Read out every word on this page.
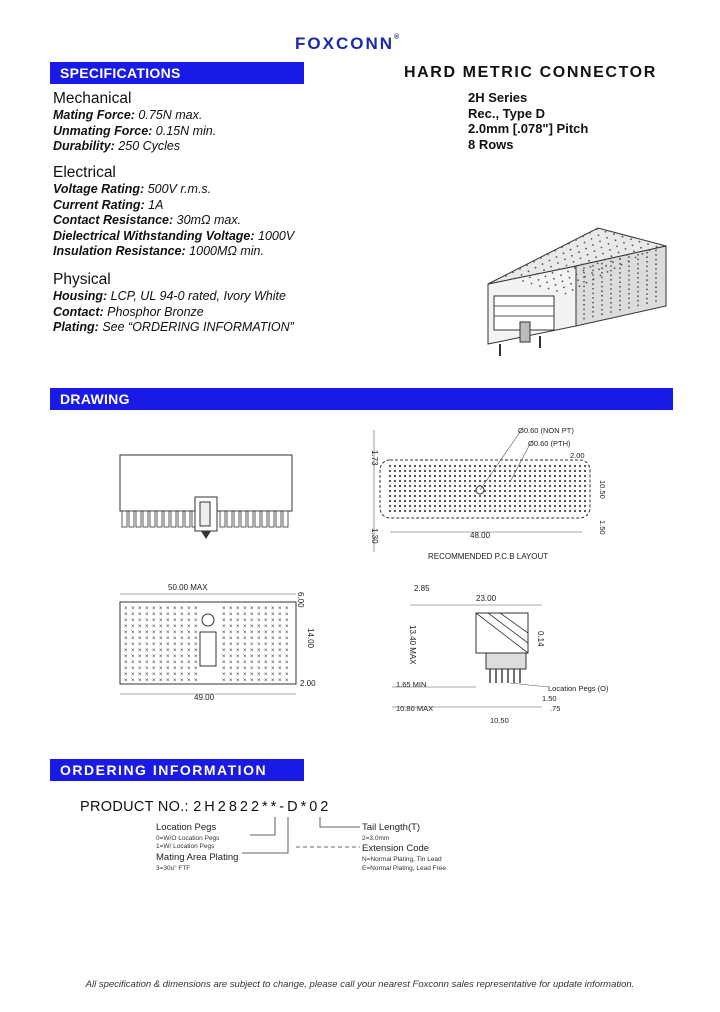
FOXCONN®
SPECIFICATIONS	HARD METRIC CONNECTOR
2H Series
Rec., Type D
2.0mm [.078"] Pitch
8 Rows
Mechanical
Mating Force: 0.75N max.
Unmating Force: 0.15N min.
Durability: 250 Cycles
Electrical
Voltage Rating: 500V r.m.s.
Current Rating: 1A
Contact Resistance: 30mΩ max.
Dielectrical Withstanding Voltage: 1000V
Insulation Resistance: 1000MΩ min.
Physical
Housing: LCP, UL 94-0 rated, Ivory White
Contact: Phosphor Bronze
Plating: See “ORDERING INFORMATION”
DRAWING
1.73
1.30
Ø0.60 (NON PT)
Ø0.60 (PTH)
2.00
10.50
1.50
48.00
RECOMMENDED P.C.B LAYOUT
50.00 MAX
× × × × × × × × × × ×	× × × × × × × × × ×
× × × × × × × × × × ×	× × × × × × × × × ×
× × × × × × × × × × ×	× × × × × × × × × ×
× × × × × × × × × × ×	× × × × × × × × × ×
× × × × × × × × × × ×	× × × × × × × × × ×
× × × × × × × × × × ×	× × × × × × × × × ×
× × × × × × × × × × ×	× × × × × × × × × ×
× × × × × × × × × × ×	× × × × × × × × × ×
× × × × × × × × × × ×	× × × × × × × × × ×
× × × × × × × × × × ×	× × × × × × × × × ×
× × × × × × × × × × ×	× × × × × × × × × ×
× × × × × × × × × × ×	× × × × × × × × × ×
× × × × × × × × × × ×	× × × × × × × × × ×
6.00
14.00
2.00
49.00
2.85
23.00
13.40 MAX	0.14
1.65 MIN	Location Pegs (O)
1.50
10.80 MAX	.75
10.50
ORDERING INFORMATION
PRODUCT NO.: 2H2822**-D*02
Location Pegs
0=W/O Location Pegs
1=W/ Location Pegs
Mating Area Plating
3=30u" FTF
Tail Length(T)
2=3.0mm
Extension Code
N=Normal Plating, Tin Lead
E=Normal Plating, Lead Free
All specification & dimensions are subject to change, please call your nearest Foxconn sales representative for update information.
